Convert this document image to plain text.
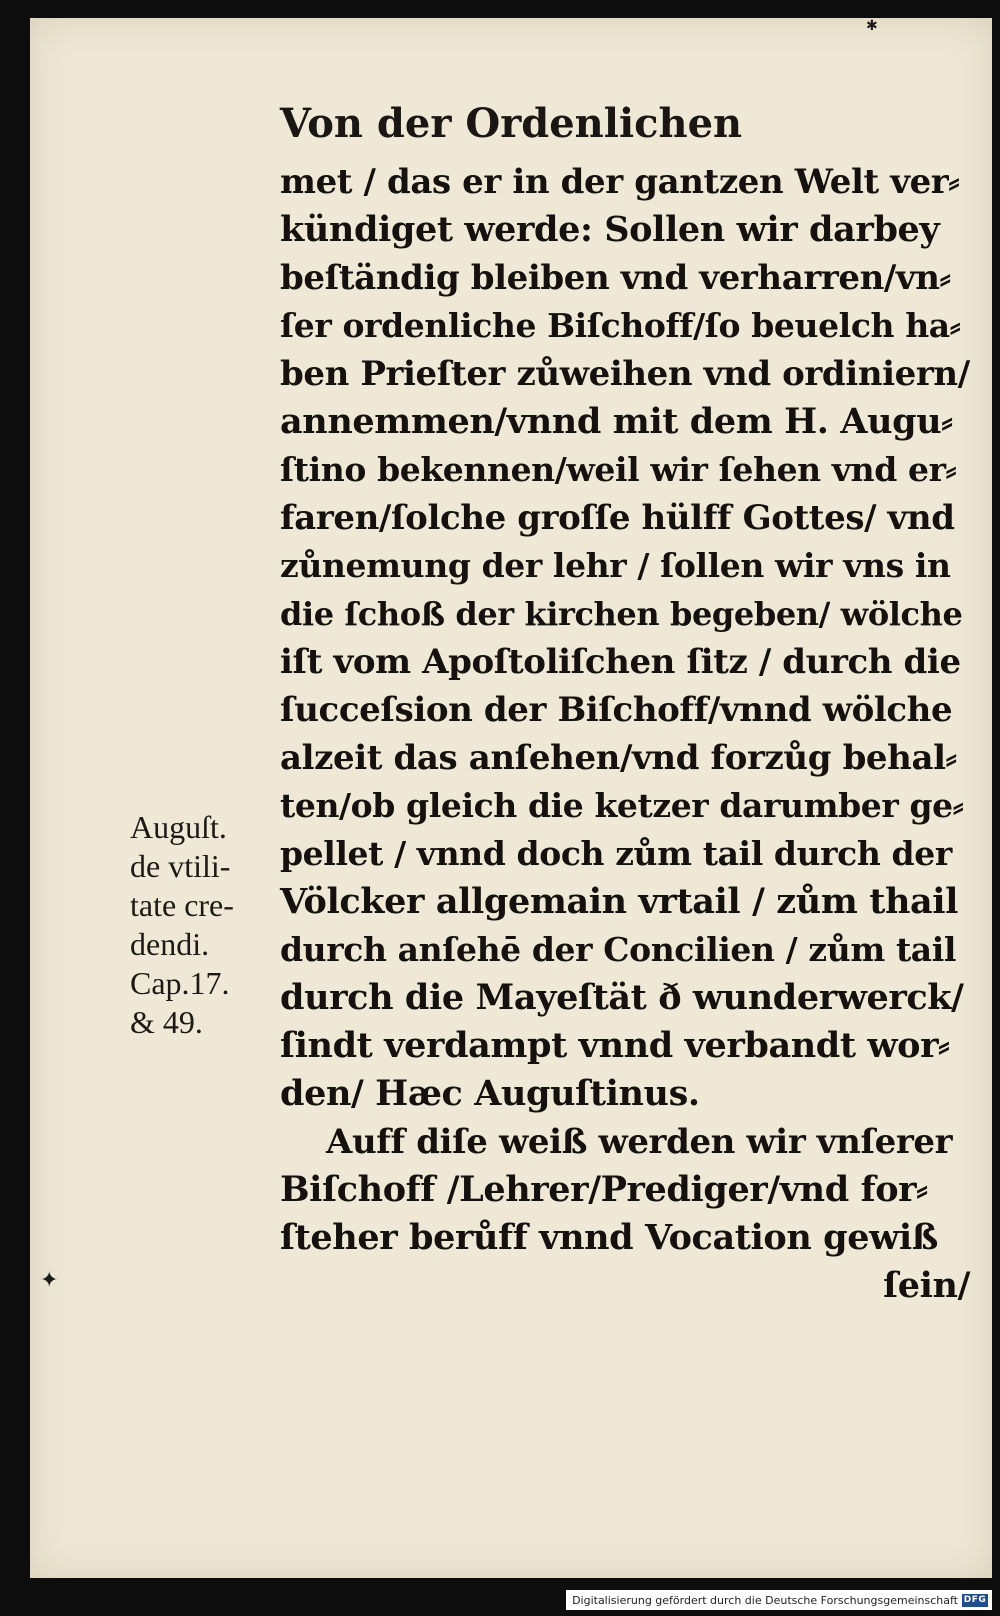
Von der Ordenlichen
Auguſt.
de vtili-
tate cre-
dendi.
Cap.17.
& 49.
met / das er in der gantzen Welt ver⸗
kündiget werde: Sollen wir darbey
beſtändig bleiben vnd verharren/vn⸗
ſer ordenliche Biſchoff/ſo beuelch ha⸗
ben Prieſter zůweihen vnd ordiniern/
annemmen/vnnd mit dem H. Augu⸗
ſtino bekennen/weil wir ſehen vnd er⸗
faren/ſolche groſſe hülff Gottes/ vnd
zůnemung der lehr / ſollen wir vns in
die ſchoß der kirchen begeben/ wölche
iſt vom Apoſtoliſchen ſitz / durch die
ſucceſsion der Biſchoff/vnnd wölche
alzeit das anſehen/vnd forzůg behal⸗
ten/ob gleich die ketzer darumber ge⸗
pellet / vnnd doch zům tail durch der
Völcker allgemain vrtail / zům thail
durch anſehē der Concilien / zům tail
durch die Mayeſtät ð wunderwerck/
ſindt verdampt vnnd verbandt wor⸗
den/ Hæc Auguſtinus.
Auff diſe weiß werden wir vnſerer
Biſchoff /Lehrer/Prediger/vnd for⸗
ſteher berůff vnnd Vocation gewiß
ſein/
✦
✱
Digitalisierung gefördert durch die Deutsche Forschungsgemeinschaft DFG
